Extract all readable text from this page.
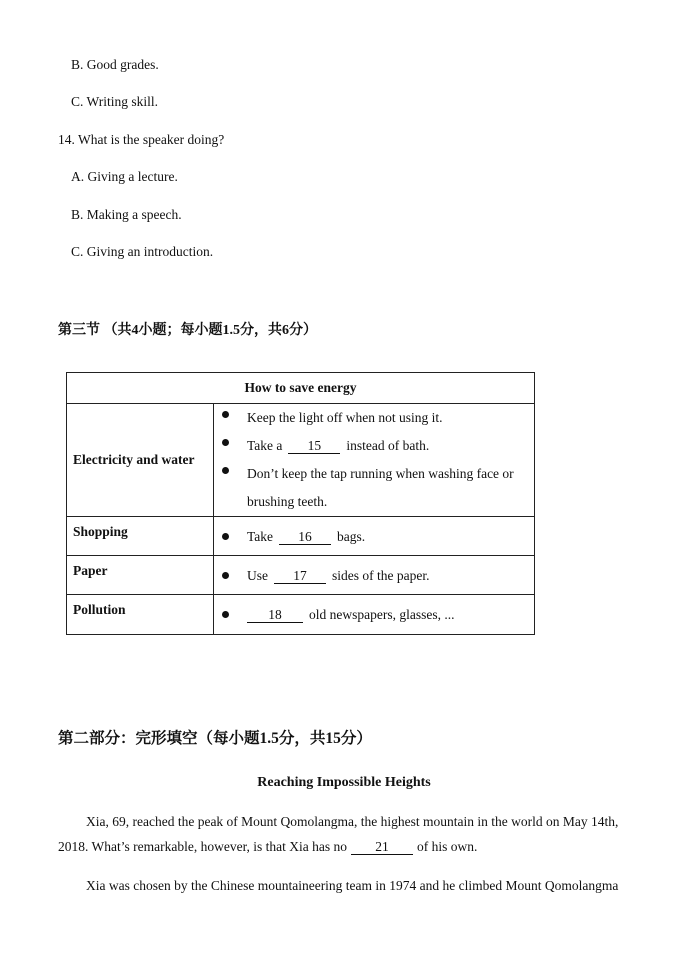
B. Good grades.
C. Writing skill.
14. What is the speaker doing?
A. Giving a lecture.
B. Making a speech.
C. Giving an introduction.
第三节 （共4小题；每小题1.5分，共6分）
How to save energy	
Electricity and water	Keep the light off when not using it.
Take a 15 instead of bath.
Don’t keep the tap running when washing face or
brushing teeth.

Shopping	Take 16 bags.

Paper	Use 17 sides of the paper.

Pollution	18 old newspapers, glasses, ...
第二部分：完形填空（每小题1.5分，共15分）
Reaching Impossible Heights
Xia, 69, reached the peak of Mount Qomolangma, the highest mountain in the world on May 14th,
2018. What’s remarkable, however, is that Xia has no 21 of his own.
Xia was chosen by the Chinese mountaineering team in 1974 and he climbed Mount Qomolangma
